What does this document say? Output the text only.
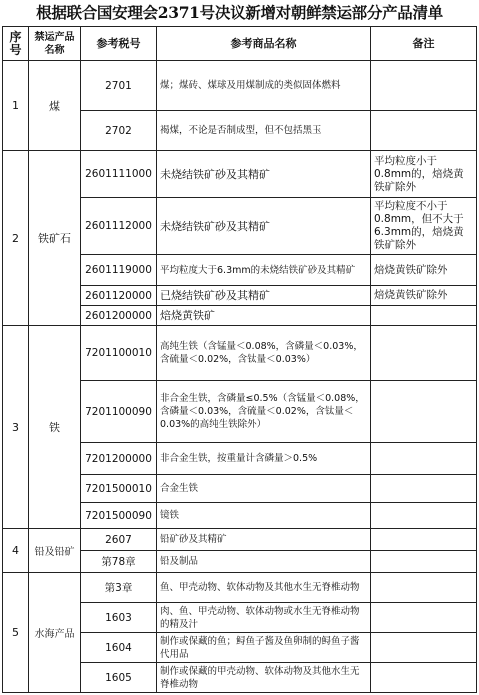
根据联合国安理会2371号决议新增对朝鲜禁运部分产品清单
序号	禁运产品名称	参考税号	参考商品名称	备注
1	煤	2701	煤；煤砖、煤球及用煤制成的类似固体燃料	
		2702	褐煤，不论是否制成型，但不包括黑玉	
2	铁矿石	2601111000	未烧结铁矿砂及其精矿	平均粒度小于0.8mm的，焙烧黄铁矿除外
		2601112000	未烧结铁矿砂及其精矿	平均粒度不小于0.8mm，但不大于6.3mm的，焙烧黄铁矿除外
		2601119000	平均粒度大于6.3mm的未烧结铁矿砂及其精矿	焙烧黄铁矿除外
		2601120000	已烧结铁矿砂及其精矿	焙烧黄铁矿除外
		2601200000	焙烧黄铁矿	
3	铁	7201100010	高纯生铁（含锰量＜0.08%，含磷量＜0.03%，含硫量＜0.02%，含钛量＜0.03%）	
		7201100090	非合金生铁，含磷量≤0.5%（含锰量＜0.08%，含磷量＜0.03%，含硫量＜0.02%，含钛量＜0.03%的高纯生铁除外）	
		7201200000	非合金生铁，按重量计含磷量＞0.5%	
		7201500010	合金生铁	
		7201500090	镜铁	
4	铅及铅矿	2607	铅矿砂及其精矿	
		第78章	铅及制品	
5	水海产品	第3章	鱼、甲壳动物、软体动物及其他水生无脊椎动物	
		1603	肉、鱼、甲壳动物、软体动物或水生无脊椎动物的精及汁	
		1604	制作或保藏的鱼；鲟鱼子酱及鱼卵制的鲟鱼子酱代用品	
		1605	制作或保藏的甲壳动物、软体动物及其他水生无脊椎动物	
